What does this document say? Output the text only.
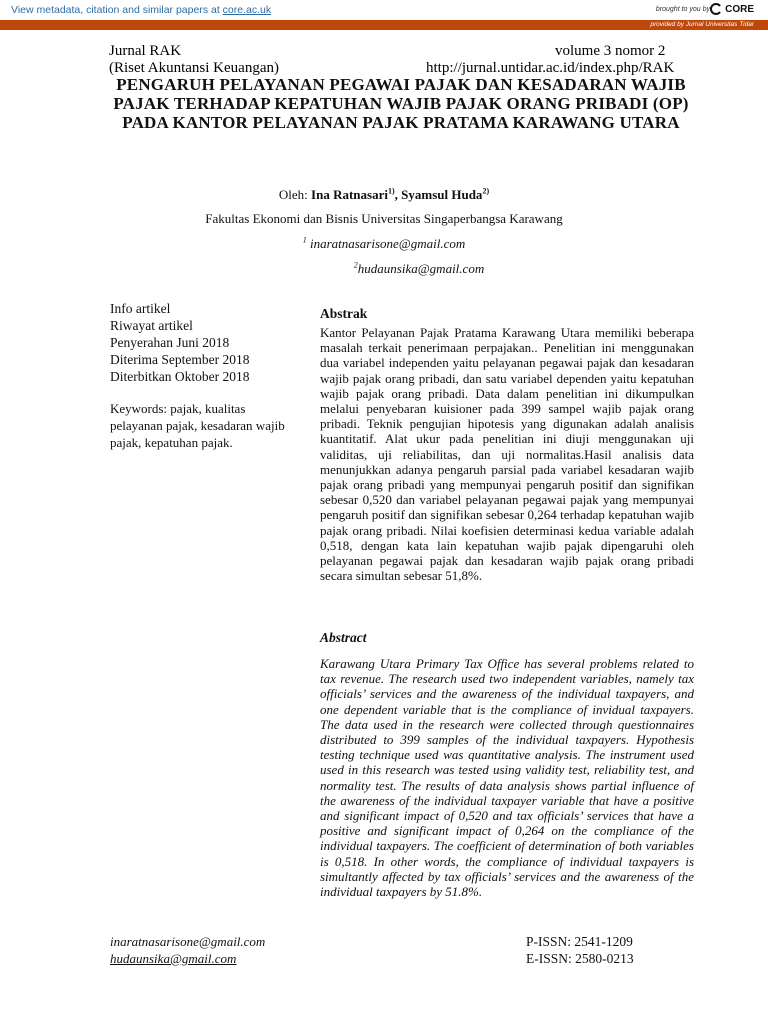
View metadata, citation and similar papers at core.ac.uk	brought to you by CORE
provided by Jurnal Universitas Tidar
Jurnal RAK
(Riset Akuntansi Keuangan)
volume 3 nomor 2
http://jurnal.untidar.ac.id/index.php/RAK
PENGARUH PELAYANAN PEGAWAI PAJAK DAN KESADARAN WAJIB PAJAK TERHADAP KEPATUHAN WAJIB PAJAK ORANG PRIBADI (OP) PADA KANTOR PELAYANAN PAJAK PRATAMA KARAWANG UTARA
Oleh: Ina Ratnasari$^{1)}$, Syamsul Huda$^{2)}$
Fakultas Ekonomi dan Bisnis Universitas Singaperbangsa Karawang
$^1$ inaratnasarisone@gmail.com
$^2$hudaunsika@gmail.com
Info artikel
Riwayat artikel
Penyerahan Juni 2018
Diterima September 2018
Diterbitkan Oktober 2018
Keywords: pajak, kualitas pelayanan pajak, kesadaran wajib pajak, kepatuhan pajak.
Abstrak

Kantor Pelayanan Pajak Pratama Karawang Utara memiliki beberapa masalah terkait penerimaan perpajakan.. Penelitian ini menggunakan dua variabel independen yaitu pelayanan pegawai pajak dan kesadaran wajib pajak orang pribadi, dan satu variabel dependen yaitu kepatuhan wajib pajak orang pribadi. Data dalam penelitian ini dikumpulkan melalui penyebaran kuisioner pada 399 sampel wajib pajak orang pribadi. Teknik pengujian hipotesis yang digunakan adalah analisis kuantitatif. Alat ukur pada penelitian ini diuji menggunakan uji validitas, uji reliabilitas, dan uji normalitas.Hasil analisis data menunjukkan adanya pengaruh parsial pada variabel kesadaran wajib pajak orang pribadi yang mempunyai pengaruh positif dan signifikan sebesar 0,520 dan variabel pelayanan pegawai pajak yang mempunyai pengaruh positif dan signifikan sebesar 0,264 terhadap kepatuhan wajib pajak orang pribadi. Nilai koefisien determinasi kedua variable adalah 0,518, dengan kata lain kepatuhan wajib pajak dipengaruhi oleh pelayanan pegawai pajak dan kesadaran wajib pajak orang pribadi secara simultan sebesar 51,8%.

Abstract

Karawang Utara Primary Tax Office has several problems related to tax revenue. The research used two independent variables, namely tax officials’ services and the awareness of the individual taxpayers, and one dependent variable that is the compliance of invidual taxpayers. The data used in the research were collected through questionnaires distributed to 399 samples of the individual taxpayers. Hypothesis testing technique used was quantitative analysis. The instrument used used in this research was tested using validity test, reliability test, and normality test. The results of data analysis shows partial influence of the awareness of the individual taxpayer variable that have a positive and significant impact of 0,520 and tax officials’ services that have a positive and significant impact of 0,264 on the compliance of the individual taxpayers. The coefficient of determination of both variables is 0,518. In other words, the compliance of individual taxpayers is simultantly affected by tax officials’ services and the awareness of the individual taxpayers by 51.8%.

inaratnasarisone@gmail.com
hudaunsika@gmail.com
P-ISSN: 2541-1209
E-ISSN: 2580-0213
